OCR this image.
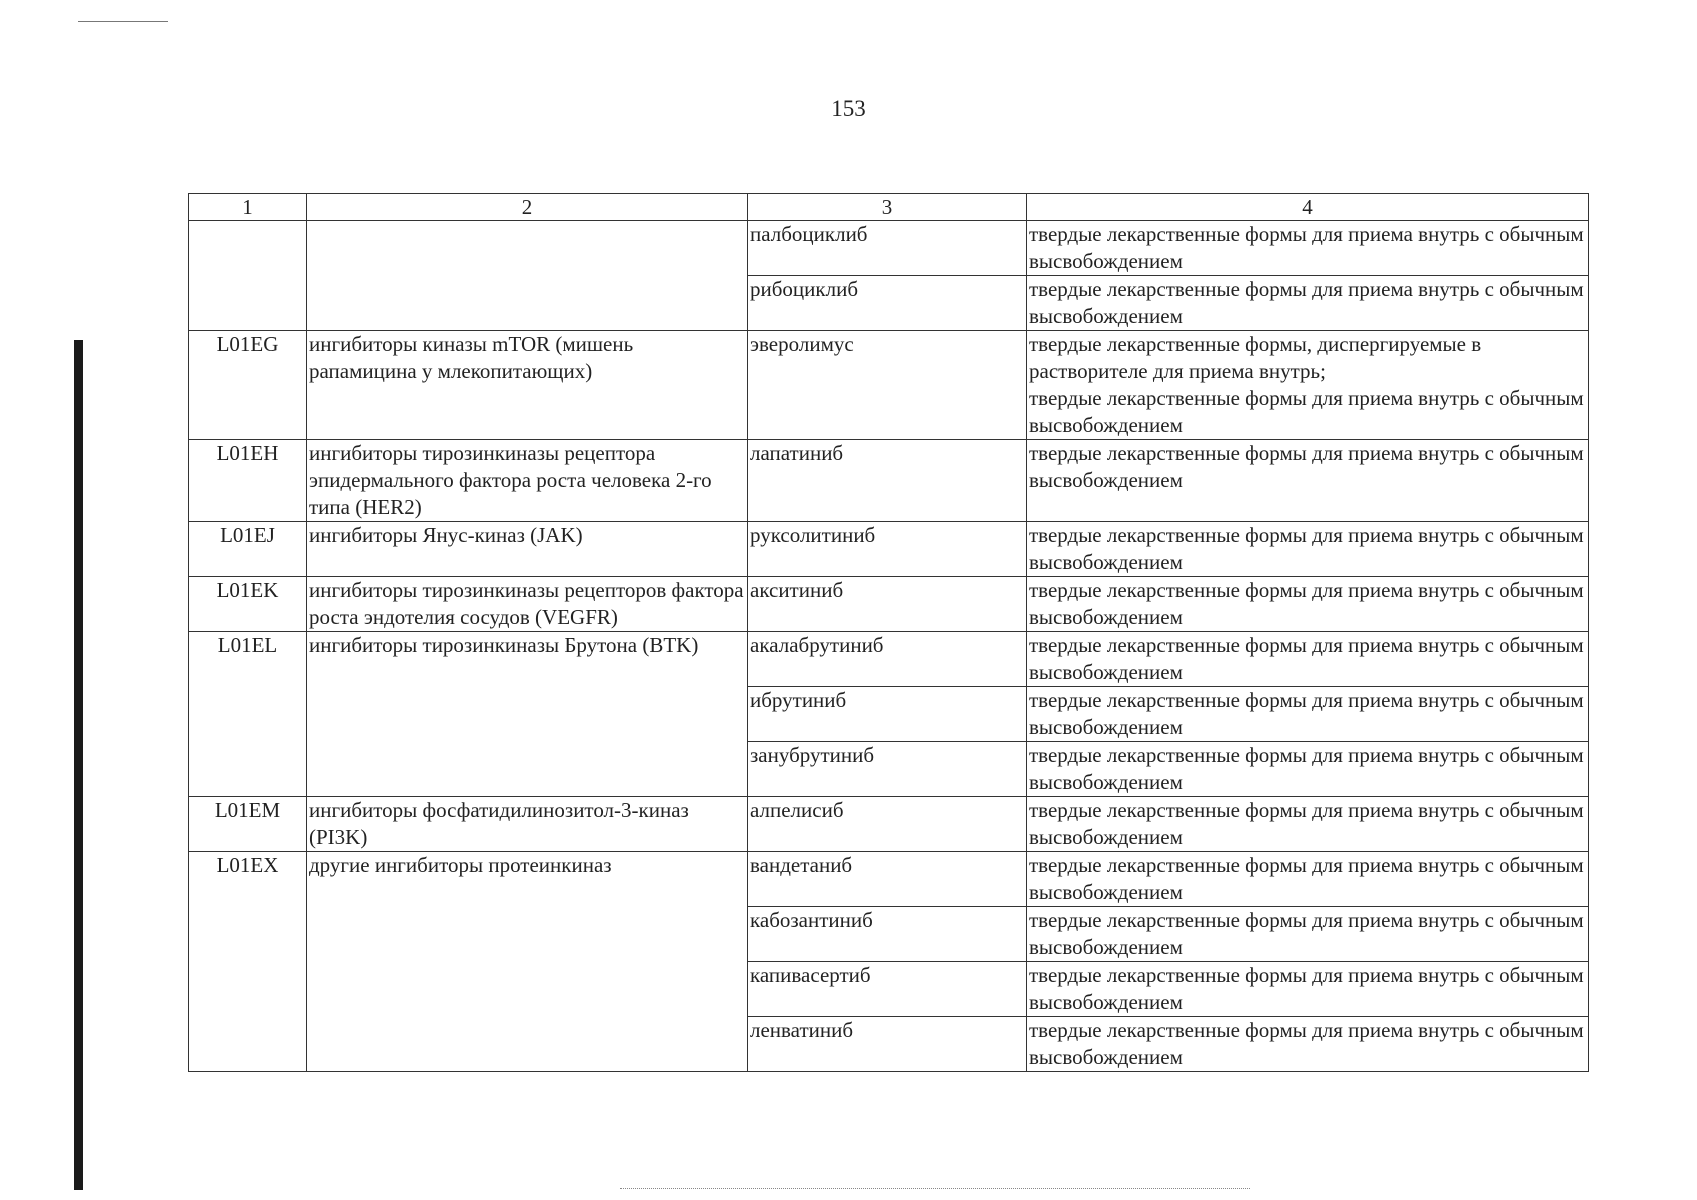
153
1	2	3	4
		палбоциклиб	твердые лекарственные формы для приема внутрь с обычным высвобождением
		рибоциклиб	твердые лекарственные формы для приема внутрь с обычным высвобождением
L01EG	ингибиторы киназы mTOR (мишень рапамицина у млекопитающих)	эверолимус	твердые лекарственные формы, диспергируемые в растворителе для приема внутрь;
твердые лекарственные формы для приема внутрь с обычным высвобождением

L01EH	ингибиторы тирозинкиназы рецептора эпидермального фактора роста человека 2-го типа (HER2)	лапатиниб	твердые лекарственные формы для приема внутрь с обычным высвобождением
L01EJ	ингибиторы Янус-киназ (JAK)	руксолитиниб	твердые лекарственные формы для приема внутрь с обычным высвобождением
L01EK	ингибиторы тирозинкиназы рецепторов фактора роста эндотелия сосудов (VEGFR)	акситиниб	твердые лекарственные формы для приема внутрь с обычным высвобождением
L01EL	ингибиторы тирозинкиназы Брутона (BTK)	акалабрутиниб	твердые лекарственные формы для приема внутрь с обычным высвобождением
		ибрутиниб	твердые лекарственные формы для приема внутрь с обычным высвобождением
		занубрутиниб	твердые лекарственные формы для приема внутрь с обычным высвобождением
L01EM	ингибиторы фосфатидилинозитол-3-киназ (PI3K)	алпелисиб	твердые лекарственные формы для приема внутрь с обычным высвобождением
L01EX	другие ингибиторы протеинкиназ	вандетаниб	твердые лекарственные формы для приема внутрь с обычным высвобождением
		кабозантиниб	твердые лекарственные формы для приема внутрь с обычным высвобождением
		капивасертиб	твердые лекарственные формы для приема внутрь с обычным высвобождением
		ленватиниб	твердые лекарственные формы для приема внутрь с обычным высвобождением
